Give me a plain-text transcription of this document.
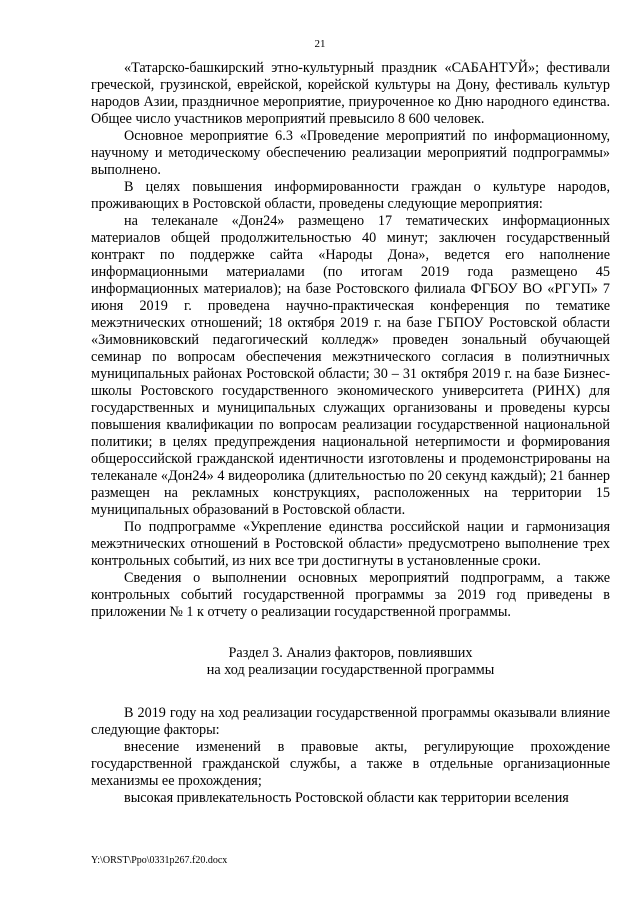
21

«Татарско-башкирский этно-культурный праздник «САБАНТУЙ»; фестивали греческой, грузинской, еврейской, корейской культуры на Дону, фестиваль культур народов Азии, праздничное мероприятие, приуроченное ко Дню народного единства. Общее число участников мероприятий превысило 8 600 человек.

Основное мероприятие 6.3 «Проведение мероприятий по информационному, научному и методическому обеспечению реализации мероприятий подпрограммы» выполнено.

В целях повышения информированности граждан о культуре народов, проживающих в Ростовской области, проведены следующие мероприятия:

на телеканале «Дон24» размещено 17 тематических информационных материалов общей продолжительностью 40 минут; заключен государственный контракт по поддержке сайта «Народы Дона», ведется его наполнение информационными материалами (по итогам 2019 года размещено 45 информационных материалов); на базе Ростовского филиала ФГБОУ ВО «РГУП» 7 июня 2019 г. проведена научно-практическая конференция по тематике межэтнических отношений; 18 октября 2019 г. на базе ГБПОУ Ростовской области «Зимовниковский педагогический колледж» проведен зональный обучающей семинар по вопросам обеспечения межэтнического согласия в полиэтничных муниципальных районах Ростовской области; 30 – 31 октября 2019 г. на базе Бизнес-школы Ростовского государственного экономического университета (РИНХ) для государственных и муниципальных служащих организованы и проведены курсы повышения квалификации по вопросам реализации государственной национальной политики; в целях предупреждения национальной нетерпимости и формирования общероссийской гражданской идентичности изготовлены и продемонстрированы на телеканале «Дон24» 4 видеоролика (длительностью по 20 секунд каждый); 21 баннер размещен на рекламных конструкциях, расположенных на территории 15 муниципальных образований в Ростовской области.

По подпрограмме «Укрепление единства российской нации и гармонизация межэтнических отношений в Ростовской области» предусмотрено выполнение трех контрольных событий, из них все три достигнуты в установленные сроки.

Сведения о выполнении основных мероприятий подпрограмм, а также контрольных событий государственной программы за 2019 год приведены в приложении № 1 к отчету о реализации государственной программы.

Раздел 3. Анализ факторов, повлиявших

на ход реализации государственной программы

В 2019 году на ход реализации государственной программы оказывали влияние следующие факторы:

внесение изменений в правовые акты, регулирующие прохождение государственной гражданской службы, а также в отдельные организационные механизмы ее прохождения;

высокая привлекательность Ростовской области как территории вселения

Y:\ORST\Ppo\0331p267.f20.docx
